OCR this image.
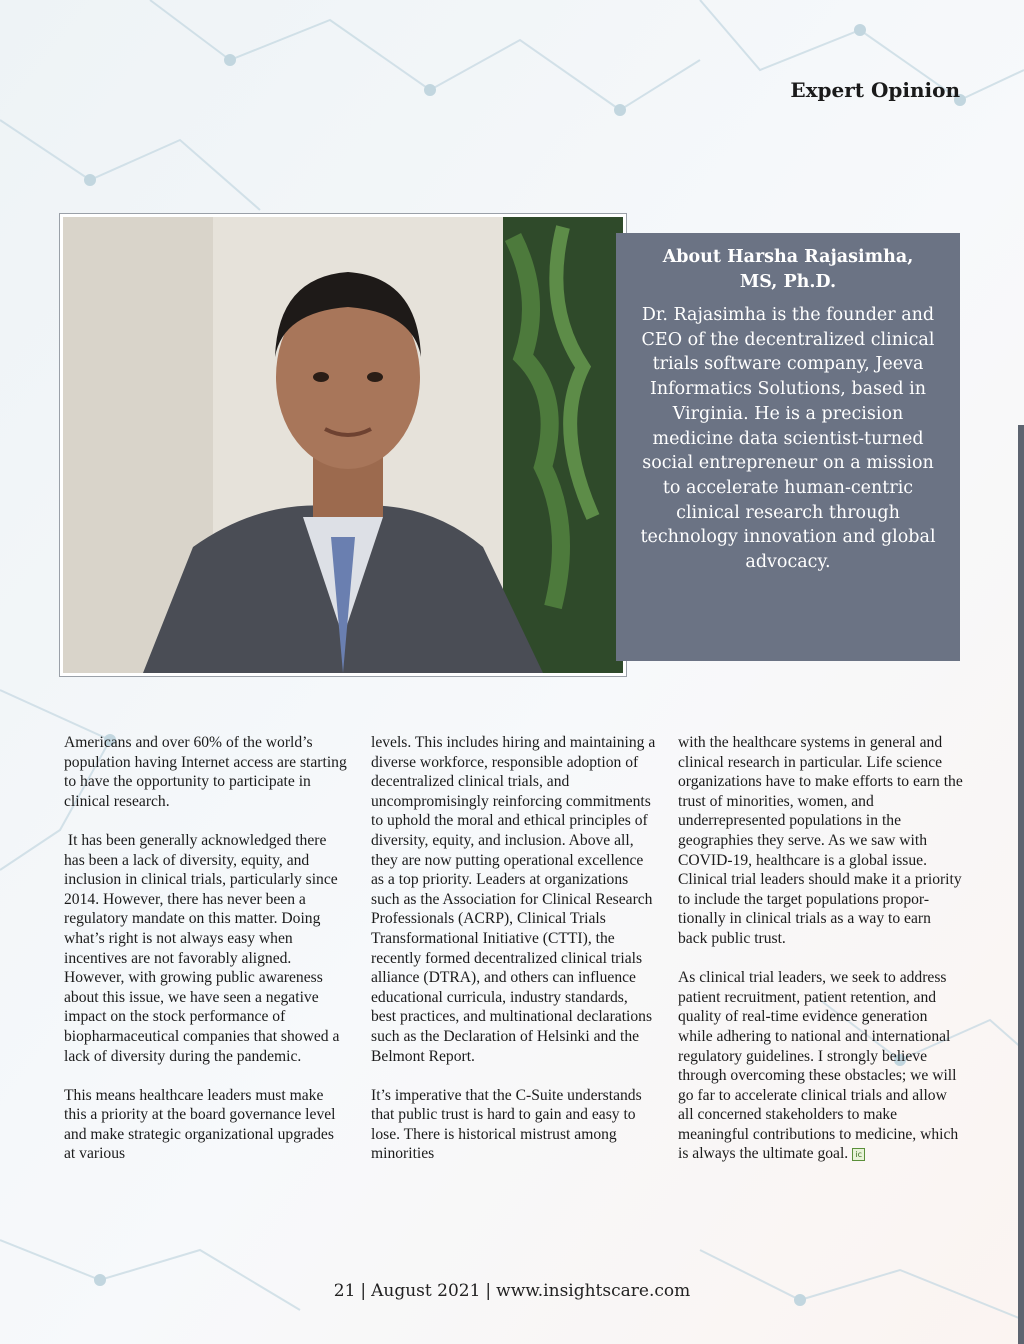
Expert Opinion
About Harsha Rajasimha,
MS, Ph.D.

Dr. Rajasimha is the founder and CEO of the decentralized clinical trials software company, Jeeva Informatics Solutions, based in Virginia. He is a precision medicine data scientist-turned social entrepreneur on a mission to accelerate human-centric clinical research through technology innovation and global advocacy.

Americans and over 60% of the world’s population having Internet access are starting to have the opportunity to participate in clinical research.

It has been generally acknowledged there has been a lack of diversity, equity, and inclusion in clinical trials, particularly since 2014. However, there has never been a regulatory mandate on this matter. Doing what’s right is not always easy when incentives are not favorably aligned. However, with growing public awareness about this issue, we have seen a negative impact on the stock performance of biopharmaceutical companies that showed a lack of diversity during the pandemic.

This means healthcare leaders must make this a priority at the board governance level and make strategic organizational upgrades at various

levels. This includes hiring and maintaining a diverse workforce, responsible adoption of decentralized clinical trials, and uncompromisingly reinforcing commitments to uphold the moral and ethical principles of diversity, equity, and inclusion. Above all, they are now putting operational excellence as a top priority. Leaders at organizations such as the Association for Clinical Research Professionals (ACRP), Clinical Trials Transformational Initiative (CTTI), the recently formed decentralized clinical trials alliance (DTRA), and others can influence educational curricula, industry standards, best practices, and multinational declarations such as the Declaration of Helsinki and the Belmont Report.

It’s imperative that the C-Suite understands that public trust is hard to gain and easy to lose. There is historical mistrust among minorities

with the healthcare systems in general and clinical research in particular. Life science organizations have to make efforts to earn the trust of minorities, women, and underrepresented populations in the geographies they serve. As we saw with COVID-19, healthcare is a global issue. Clinical trial leaders should make it a priority to include the target populations propor-tionally in clinical trials as a way to earn back public trust.

As clinical trial leaders, we seek to address patient recruitment, patient retention, and quality of real-time evidence generation while adhering to national and international regulatory guidelines. I strongly believe through overcoming these obstacles; we will go far to accelerate clinical trials and allow all concerned stakeholders to make meaningful contributions to medicine, which is always the ultimate goal. ic

21 | August 2021 | www.insightscare.com
